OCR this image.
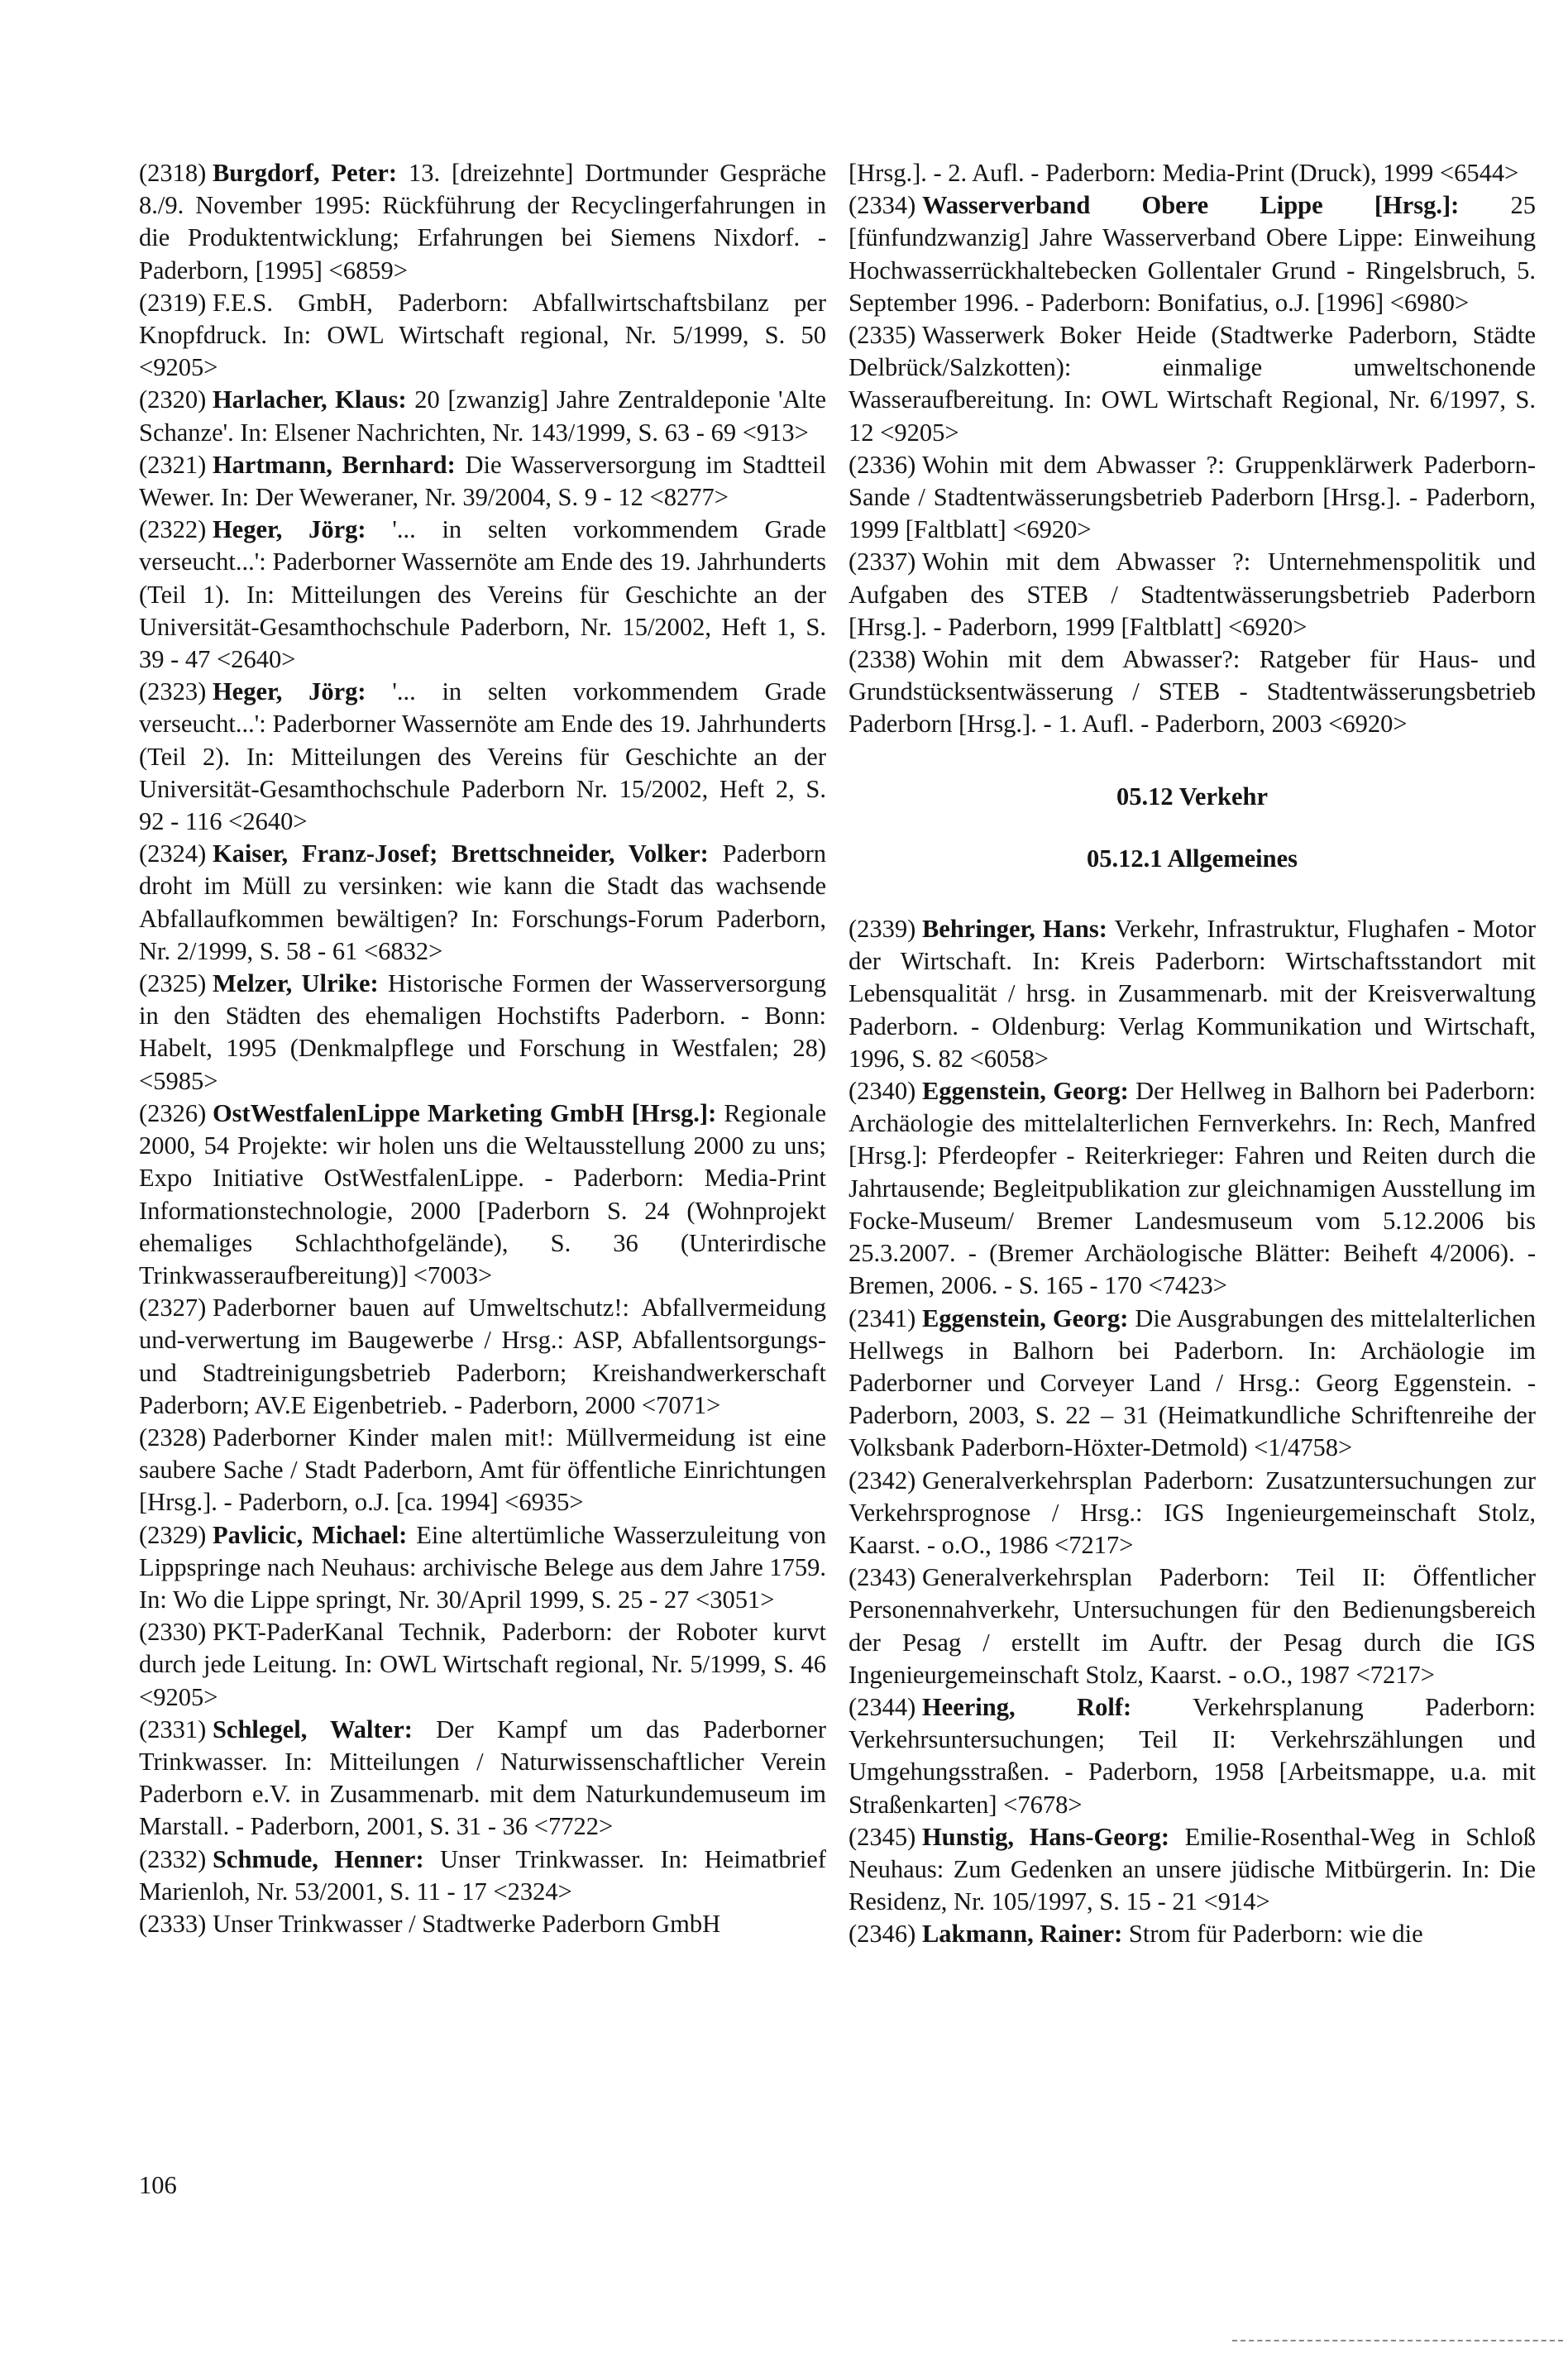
(2318) Burgdorf, Peter: 13. [dreizehnte] Dortmunder Gespräche 8./9. November 1995: Rückführung der Recyclingerfahrungen in die Produktentwicklung; Erfahrungen bei Siemens Nixdorf. - Paderborn, [1995] <6859>

(2319) F.E.S. GmbH, Paderborn: Abfallwirtschaftsbilanz per Knopfdruck. In: OWL Wirtschaft regional, Nr. 5/1999, S. 50 <9205>

(2320) Harlacher, Klaus: 20 [zwanzig] Jahre Zentraldeponie 'Alte Schanze'. In: Elsener Nachrichten, Nr. 143/1999, S. 63 - 69 <913>

(2321) Hartmann, Bernhard: Die Wasserversorgung im Stadtteil Wewer. In: Der Weweraner, Nr. 39/2004, S. 9 - 12 <8277>

(2322) Heger, Jörg: '... in selten vorkommendem Grade verseucht...': Paderborner Wassernöte am Ende des 19. Jahrhunderts (Teil 1). In: Mitteilungen des Vereins für Geschichte an der Universität-Gesamthochschule Paderborn, Nr. 15/2002, Heft 1, S. 39 - 47 <2640>

(2323) Heger, Jörg: '... in selten vorkommendem Grade verseucht...': Paderborner Wassernöte am Ende des 19. Jahrhunderts (Teil 2). In: Mitteilungen des Vereins für Geschichte an der Universität-Gesamthochschule Paderborn Nr. 15/2002, Heft 2, S. 92 - 116 <2640>

(2324) Kaiser, Franz-Josef; Brettschneider, Volker: Paderborn droht im Müll zu versinken: wie kann die Stadt das wachsende Abfallaufkommen bewältigen? In: Forschungs-Forum Paderborn, Nr. 2/1999, S. 58 - 61 <6832>

(2325) Melzer, Ulrike: Historische Formen der Wasserversorgung in den Städten des ehemaligen Hochstifts Paderborn. - Bonn: Habelt, 1995 (Denkmalpflege und Forschung in Westfalen; 28) <5985>

(2326) OstWestfalenLippe Marketing GmbH [Hrsg.]: Regionale 2000, 54 Projekte: wir holen uns die Weltausstellung 2000 zu uns; Expo Initiative OstWestfalenLippe. - Paderborn: Media-Print Informationstechnologie, 2000 [Paderborn S. 24 (Wohnprojekt ehemaliges Schlachthofgelände), S. 36 (Unterirdische Trinkwasseraufbereitung)] <7003>

(2327) Paderborner bauen auf Umweltschutz!: Abfallvermeidung und-verwertung im Baugewerbe / Hrsg.: ASP, Abfallentsorgungs- und Stadtreinigungsbetrieb Paderborn; Kreishandwerkerschaft Paderborn; AV.E Eigenbetrieb. - Paderborn, 2000 <7071>

(2328) Paderborner Kinder malen mit!: Müllvermeidung ist eine saubere Sache / Stadt Paderborn, Amt für öffentliche Einrichtungen [Hrsg.]. - Paderborn, o.J. [ca. 1994] <6935>

(2329) Pavlicic, Michael: Eine altertümliche Wasserzuleitung von Lippspringe nach Neuhaus: archivische Belege aus dem Jahre 1759. In: Wo die Lippe springt, Nr. 30/April 1999, S. 25 - 27 <3051>

(2330) PKT-PaderKanal Technik, Paderborn: der Roboter kurvt durch jede Leitung. In: OWL Wirtschaft regional, Nr. 5/1999, S. 46 <9205>

(2331) Schlegel, Walter: Der Kampf um das Paderborner Trinkwasser. In: Mitteilungen / Naturwissenschaftlicher Verein Paderborn e.V. in Zusammenarb. mit dem Naturkundemuseum im Marstall. - Paderborn, 2001, S. 31 - 36 <7722>

(2332) Schmude, Henner: Unser Trinkwasser. In: Heimatbrief Marienloh, Nr. 53/2001, S. 11 - 17 <2324>

(2333) Unser Trinkwasser / Stadtwerke Paderborn GmbH

[Hrsg.]. - 2. Aufl. - Paderborn: Media-Print (Druck), 1999 <6544>

(2334) Wasserverband Obere Lippe [Hrsg.]: 25 [fünfundzwanzig] Jahre Wasserverband Obere Lippe: Einweihung Hochwasserrückhaltebecken Gollentaler Grund - Ringelsbruch, 5. September 1996. - Paderborn: Bonifatius, o.J. [1996] <6980>

(2335) Wasserwerk Boker Heide (Stadtwerke Paderborn, Städte Delbrück/Salzkotten): einmalige umweltschonende Wasseraufbereitung. In: OWL Wirtschaft Regional, Nr. 6/1997, S. 12 <9205>

(2336) Wohin mit dem Abwasser ?: Gruppenklärwerk Paderborn-Sande / Stadtentwässerungsbetrieb Paderborn [Hrsg.]. - Paderborn, 1999 [Faltblatt] <6920>

(2337) Wohin mit dem Abwasser ?: Unternehmenspolitik und Aufgaben des STEB / Stadtentwässerungsbetrieb Paderborn [Hrsg.]. - Paderborn, 1999 [Faltblatt] <6920>

(2338) Wohin mit dem Abwasser?: Ratgeber für Haus- und Grundstücksentwässerung / STEB - Stadtentwässerungsbetrieb Paderborn [Hrsg.]. - 1. Aufl. - Paderborn, 2003 <6920>

05.12 Verkehr

05.12.1 Allgemeines

(2339) Behringer, Hans: Verkehr, Infrastruktur, Flughafen - Motor der Wirtschaft. In: Kreis Paderborn: Wirtschaftsstandort mit Lebensqualität / hrsg. in Zusammenarb. mit der Kreisverwaltung Paderborn. - Oldenburg: Verlag Kommunikation und Wirtschaft, 1996, S. 82 <6058>

(2340) Eggenstein, Georg: Der Hellweg in Balhorn bei Paderborn: Archäologie des mittelalterlichen Fernverkehrs. In: Rech, Manfred [Hrsg.]: Pferdeopfer - Reiterkrieger: Fahren und Reiten durch die Jahrtausende; Begleitpublikation zur gleichnamigen Ausstellung im Focke-Museum/ Bremer Landesmuseum vom 5.12.2006 bis 25.3.2007. - (Bremer Archäologische Blätter: Beiheft 4/2006). - Bremen, 2006. - S. 165 - 170 <7423>

(2341) Eggenstein, Georg: Die Ausgrabungen des mittelalterlichen Hellwegs in Balhorn bei Paderborn. In: Archäologie im Paderborner und Corveyer Land / Hrsg.: Georg Eggenstein. - Paderborn, 2003, S. 22 – 31 (Heimatkundliche Schriftenreihe der Volksbank Paderborn-Höxter-Detmold) <1/4758>

(2342) Generalverkehrsplan Paderborn: Zusatzuntersuchungen zur Verkehrsprognose / Hrsg.: IGS Ingenieurgemeinschaft Stolz, Kaarst. - o.O., 1986 <7217>

(2343) Generalverkehrsplan Paderborn: Teil II: Öffentlicher Personennahverkehr, Untersuchungen für den Bedienungsbereich der Pesag / erstellt im Auftr. der Pesag durch die IGS Ingenieurgemeinschaft Stolz, Kaarst. - o.O., 1987 <7217>

(2344) Heering, Rolf: Verkehrsplanung Paderborn: Verkehrsuntersuchungen; Teil II: Verkehrszählungen und Umgehungsstraßen. - Paderborn, 1958 [Arbeitsmappe, u.a. mit Straßenkarten] <7678>

(2345) Hunstig, Hans-Georg: Emilie-Rosenthal-Weg in Schloß Neuhaus: Zum Gedenken an unsere jüdische Mitbürgerin. In: Die Residenz, Nr. 105/1997, S. 15 - 21 <914>

(2346) Lakmann, Rainer: Strom für Paderborn: wie die

106
